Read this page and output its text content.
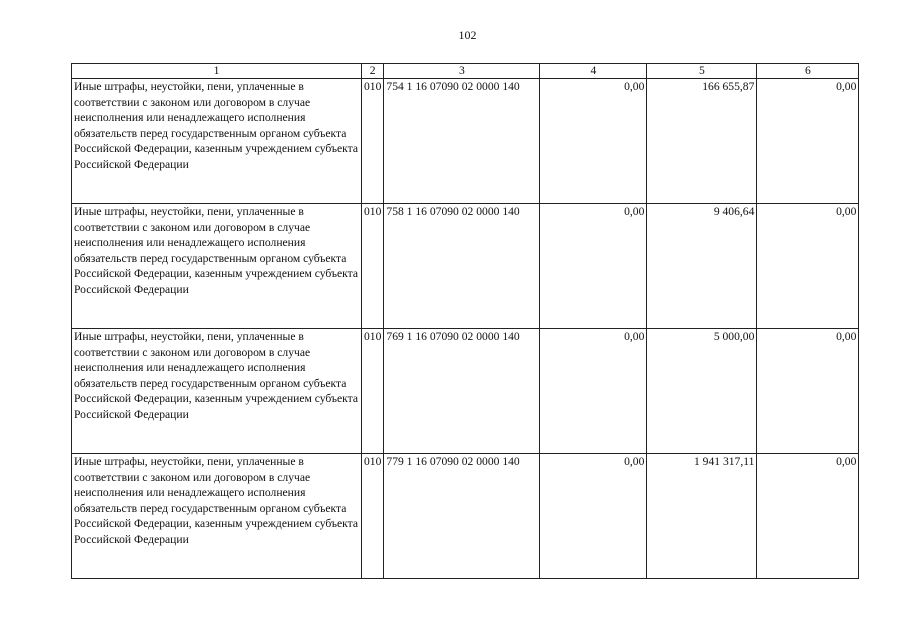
102
1	2	3	4	5	6
Иные штрафы, неустойки, пени, уплаченные в соответствии с законом или договором в случае неисполнения или ненадлежащего исполнения обязательств перед государственным органом субъекта Российской Федерации, казенным учреждением субъекта Российской Федерации	010	754 1 16 07090 02 0000 140	0,00	166 655,87	0,00
Иные штрафы, неустойки, пени, уплаченные в соответствии с законом или договором в случае неисполнения или ненадлежащего исполнения обязательств перед государственным органом субъекта Российской Федерации, казенным учреждением субъекта Российской Федерации	010	758 1 16 07090 02 0000 140	0,00	9 406,64	0,00
Иные штрафы, неустойки, пени, уплаченные в соответствии с законом или договором в случае неисполнения или ненадлежащего исполнения обязательств перед государственным органом субъекта Российской Федерации, казенным учреждением субъекта Российской Федерации	010	769 1 16 07090 02 0000 140	0,00	5 000,00	0,00
Иные штрафы, неустойки, пени, уплаченные в соответствии с законом или договором в случае неисполнения или ненадлежащего исполнения обязательств перед государственным органом субъекта Российской Федерации, казенным учреждением субъекта Российской Федерации	010	779 1 16 07090 02 0000 140	0,00	1 941 317,11	0,00
